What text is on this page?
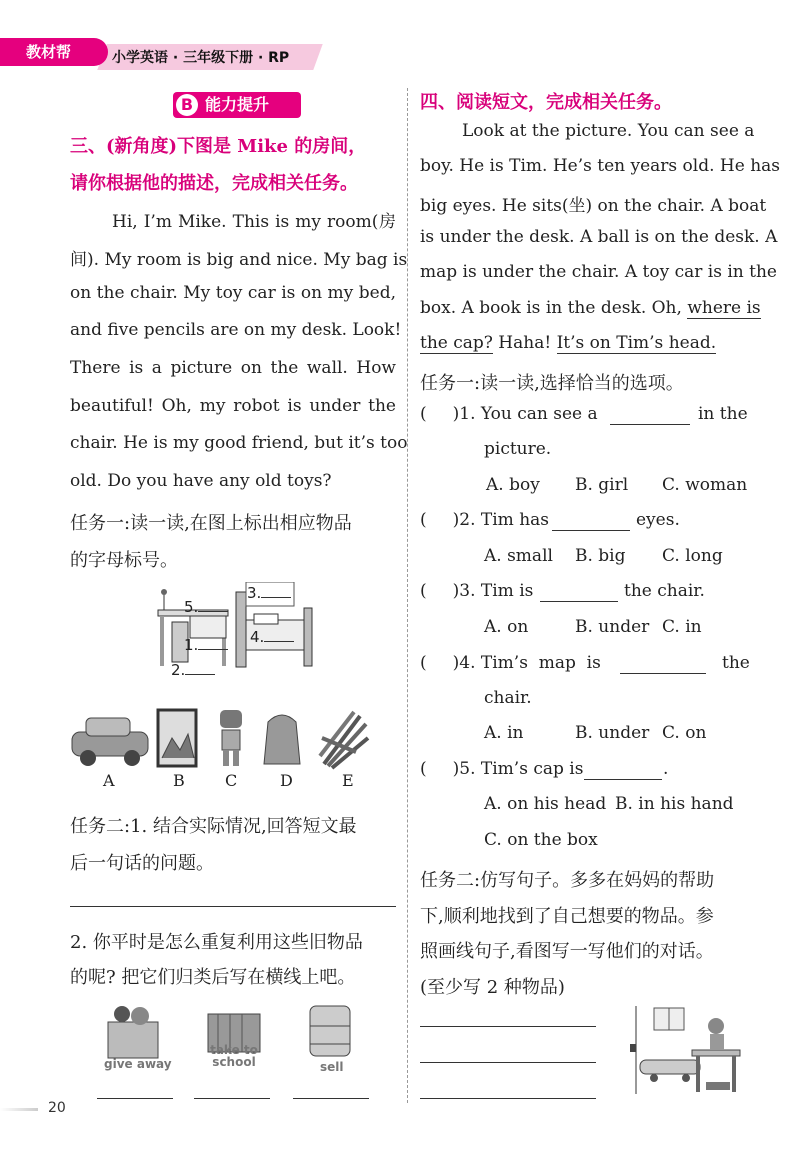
教材帮	小学英语 · 三年级下册 · RP
能力提升
B
三、(新角度)下图是 Mike 的房间，
请你根据他的描述，完成相关任务。
Hi, I’m Mike. This is my room(房
间). My room is big and nice. My bag is
on the chair. My toy car is on my bed,
and five pencils are on my desk. Look!
There is a picture on the wall. How
beautiful! Oh, my robot is under the
chair. He is my good friend, but it’s too
old. Do you have any old toys?
任务一:读一读,在图上标出相应物品
的字母标号。
5.
3.
1.	4.
2.
A	B	C	D	E
任务二:1. 结合实际情况,回答短文最
后一句话的问题。
2. 你平时是怎么重复利用这些旧物品
的呢? 把它们归类后写在横线上吧。
give away
take to school	sell
四、阅读短文，完成相关任务。
Look at the picture. You can see a
boy. He is Tim. He’s ten years old. He has
big eyes. He sits(坐) on the chair. A boat
is under the desk. A ball is on the desk. A
map is under the chair. A toy car is in the
box. A book is in the desk. Oh, where is
the cap? Haha! It’s on Tim’s head.
任务一:读一读,选择恰当的选项。
( )1. You can see a	in the
picture.
A. boy B. girl C. woman
( )2. Tim has	eyes.
A. small B. big C. long
( )3. Tim is	the chair.
A. on	B. under C. in
( )4. Tim’s  map  is	the
chair.
A. in	B. under C. on
( )5. Tim’s cap is	.
A. on his head B. in his hand
C. on the box
任务二:仿写句子。多多在妈妈的帮助
下,顺利地找到了自己想要的物品。参
照画线句子,看图写一写他们的对话。
(至少写 2 种物品)
20
